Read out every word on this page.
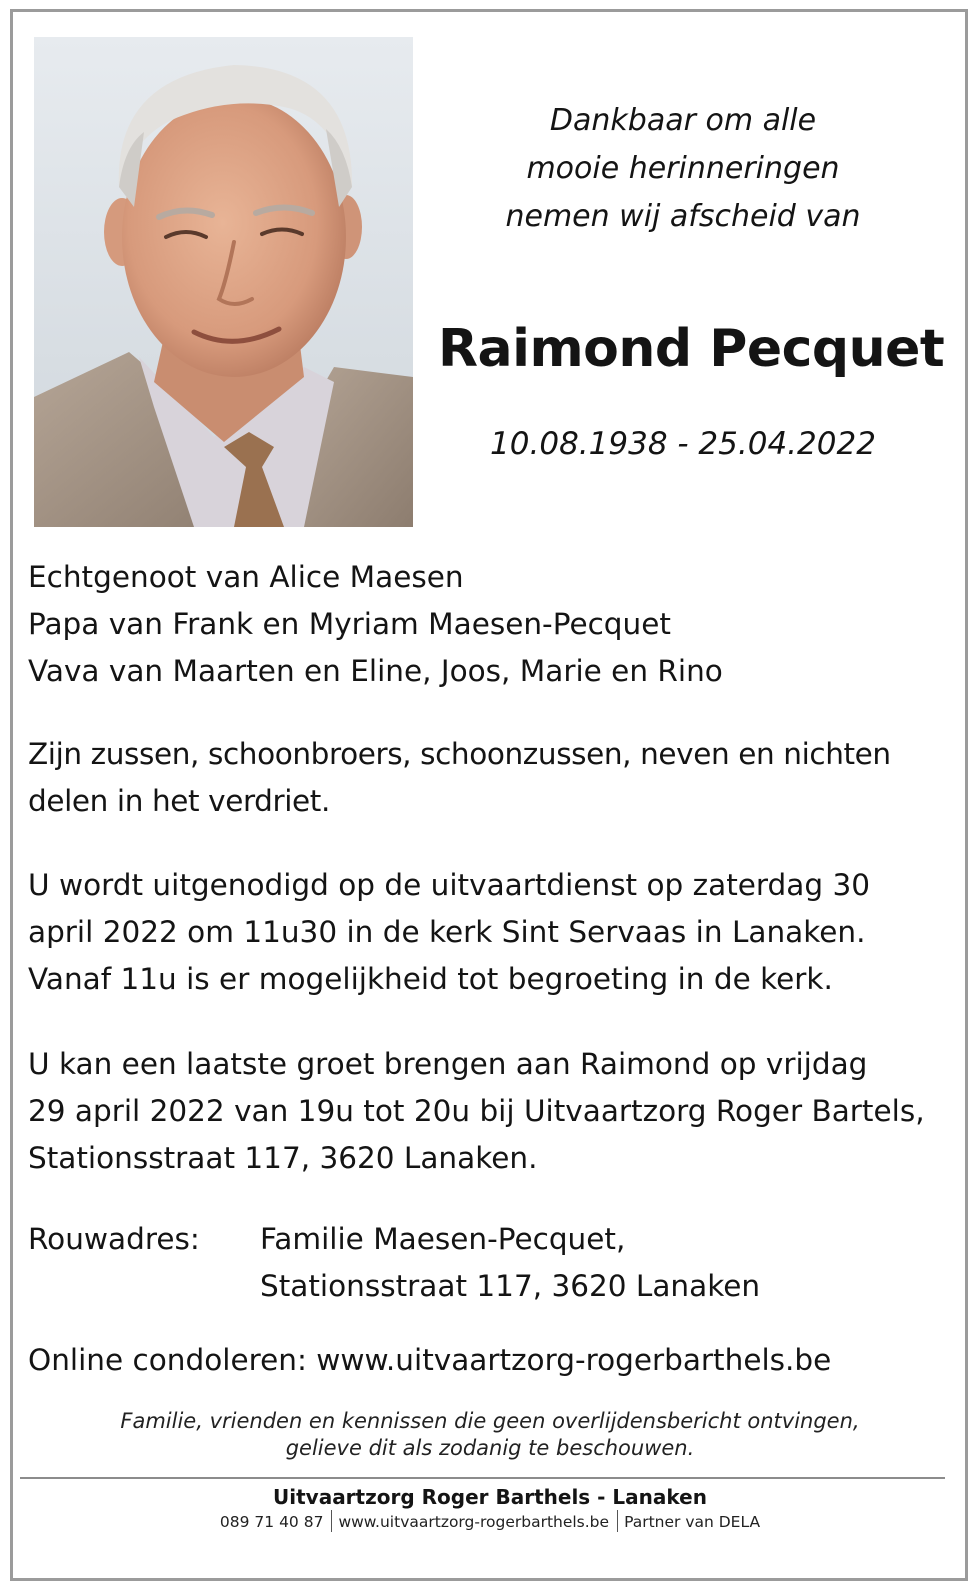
Dankbaar om alle
mooie herinneringen
nemen wij afscheid van
Raimond Pecquet
10.08.1938 - 25.04.2022
Echtgenoot van Alice Maesen
Papa van Frank en Myriam Maesen-Pecquet
Vava van Maarten en Eline, Joos, Marie en Rino
Zijn zussen, schoonbroers, schoonzussen, neven en nichten
delen in het verdriet.
U wordt uitgenodigd op de uitvaartdienst op zaterdag 30
april 2022 om 11u30 in de kerk Sint Servaas in Lanaken.
Vanaf 11u is er mogelijkheid tot begroeting in de kerk.
U kan een laatste groet brengen aan Raimond op vrijdag
29 april 2022 van 19u tot 20u bij Uitvaartzorg Roger Bartels,
Stationsstraat 117, 3620 Lanaken.
Rouwadres: Familie Maesen-Pecquet,
Stationsstraat 117, 3620 Lanaken
Online condoleren: www.uitvaartzorg-rogerbarthels.be
Familie, vrienden en kennissen die geen overlijdensbericht ontvingen,
gelieve dit als zodanig te beschouwen.
Uitvaartzorg Roger Barthels - Lanaken
089 71 40 87 www.uitvaartzorg-rogerbarthels.be Partner van DELA
